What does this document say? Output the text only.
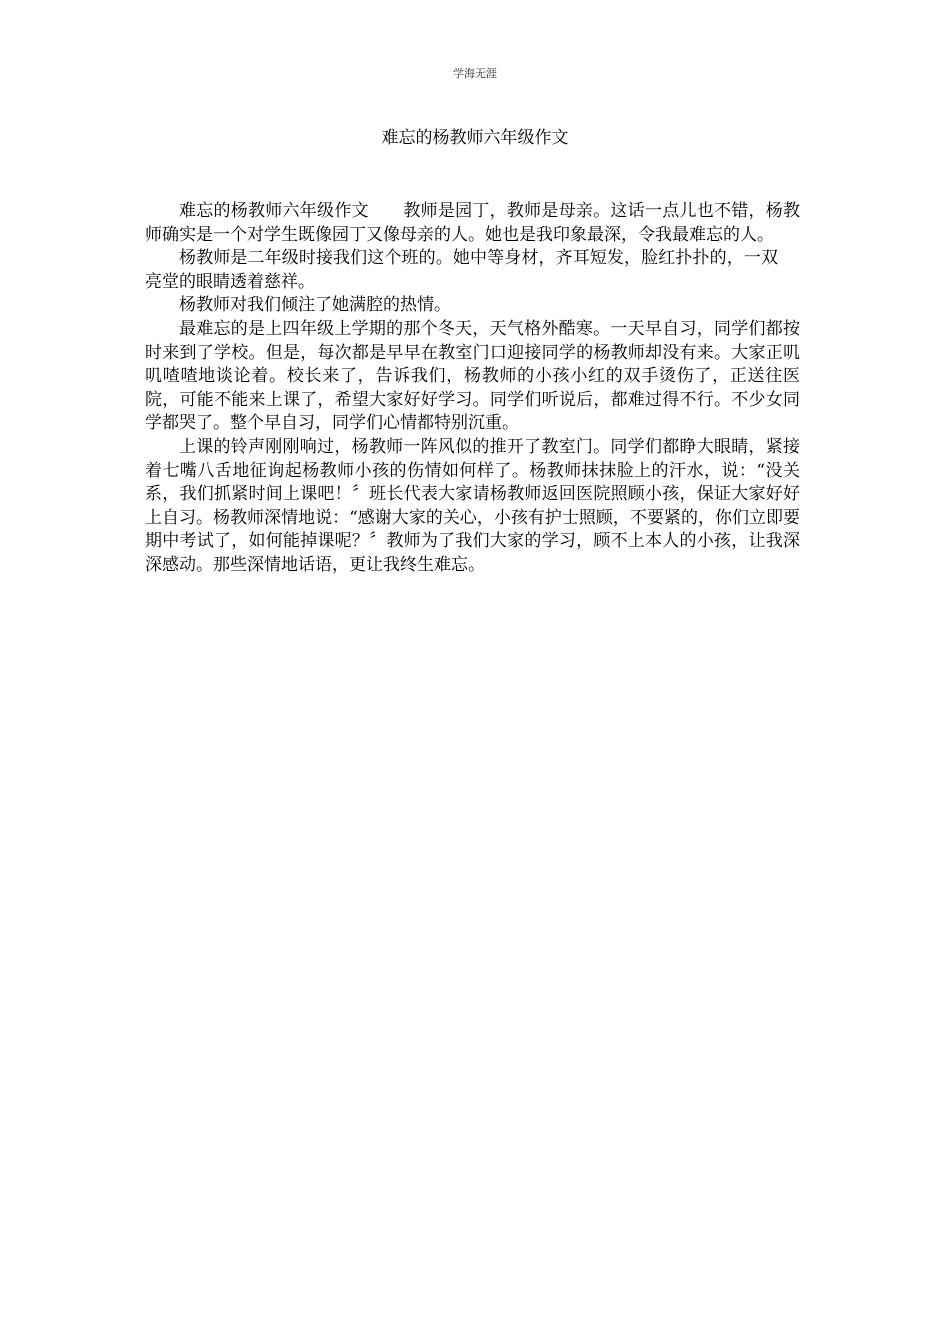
学海无涯
难忘的杨教师六年级作文

难忘的杨教师六年级作文　　教师是园丁，教师是母亲。这话一点儿也不错，杨教师确实是一个对学生既像园丁又像母亲的人。她也是我印象最深，令我最难忘的人。

杨教师是二年级时接我们这个班的。她中等身材，齐耳短发，脸红扑扑的，一双亮堂的眼睛透着慈祥。

杨教师对我们倾注了她满腔的热情。

最难忘的是上四年级上学期的那个冬天，天气格外酷寒。一天早自习，同学们都按时来到了学校。但是，每次都是早早在教室门口迎接同学的杨教师却没有来。大家正叽叽喳喳地谈论着。校长来了，告诉我们，杨教师的小孩小红的双手烫伤了，正送往医院，可能不能来上课了，希望大家好好学习。同学们听说后，都难过得不行。不少女同学都哭了。整个早自习，同学们心情都特别沉重。

上课的铃声刚刚响过，杨教师一阵风似的推开了教室门。同学们都睁大眼睛，紧接着七嘴八舌地征询起杨教师小孩的伤情如何样了。杨教师抹抹脸上的汗水，说：“没关系，我们抓紧时间上课吧！〞班长代表大家请杨教师返回医院照顾小孩，保证大家好好上自习。杨教师深情地说：“感谢大家的关心，小孩有护士照顾，不要紧的，你们立即要期中考试了，如何能掉课呢？〞教师为了我们大家的学习，顾不上本人的小孩，让我深深感动。那些深情地话语，更让我终生难忘。
